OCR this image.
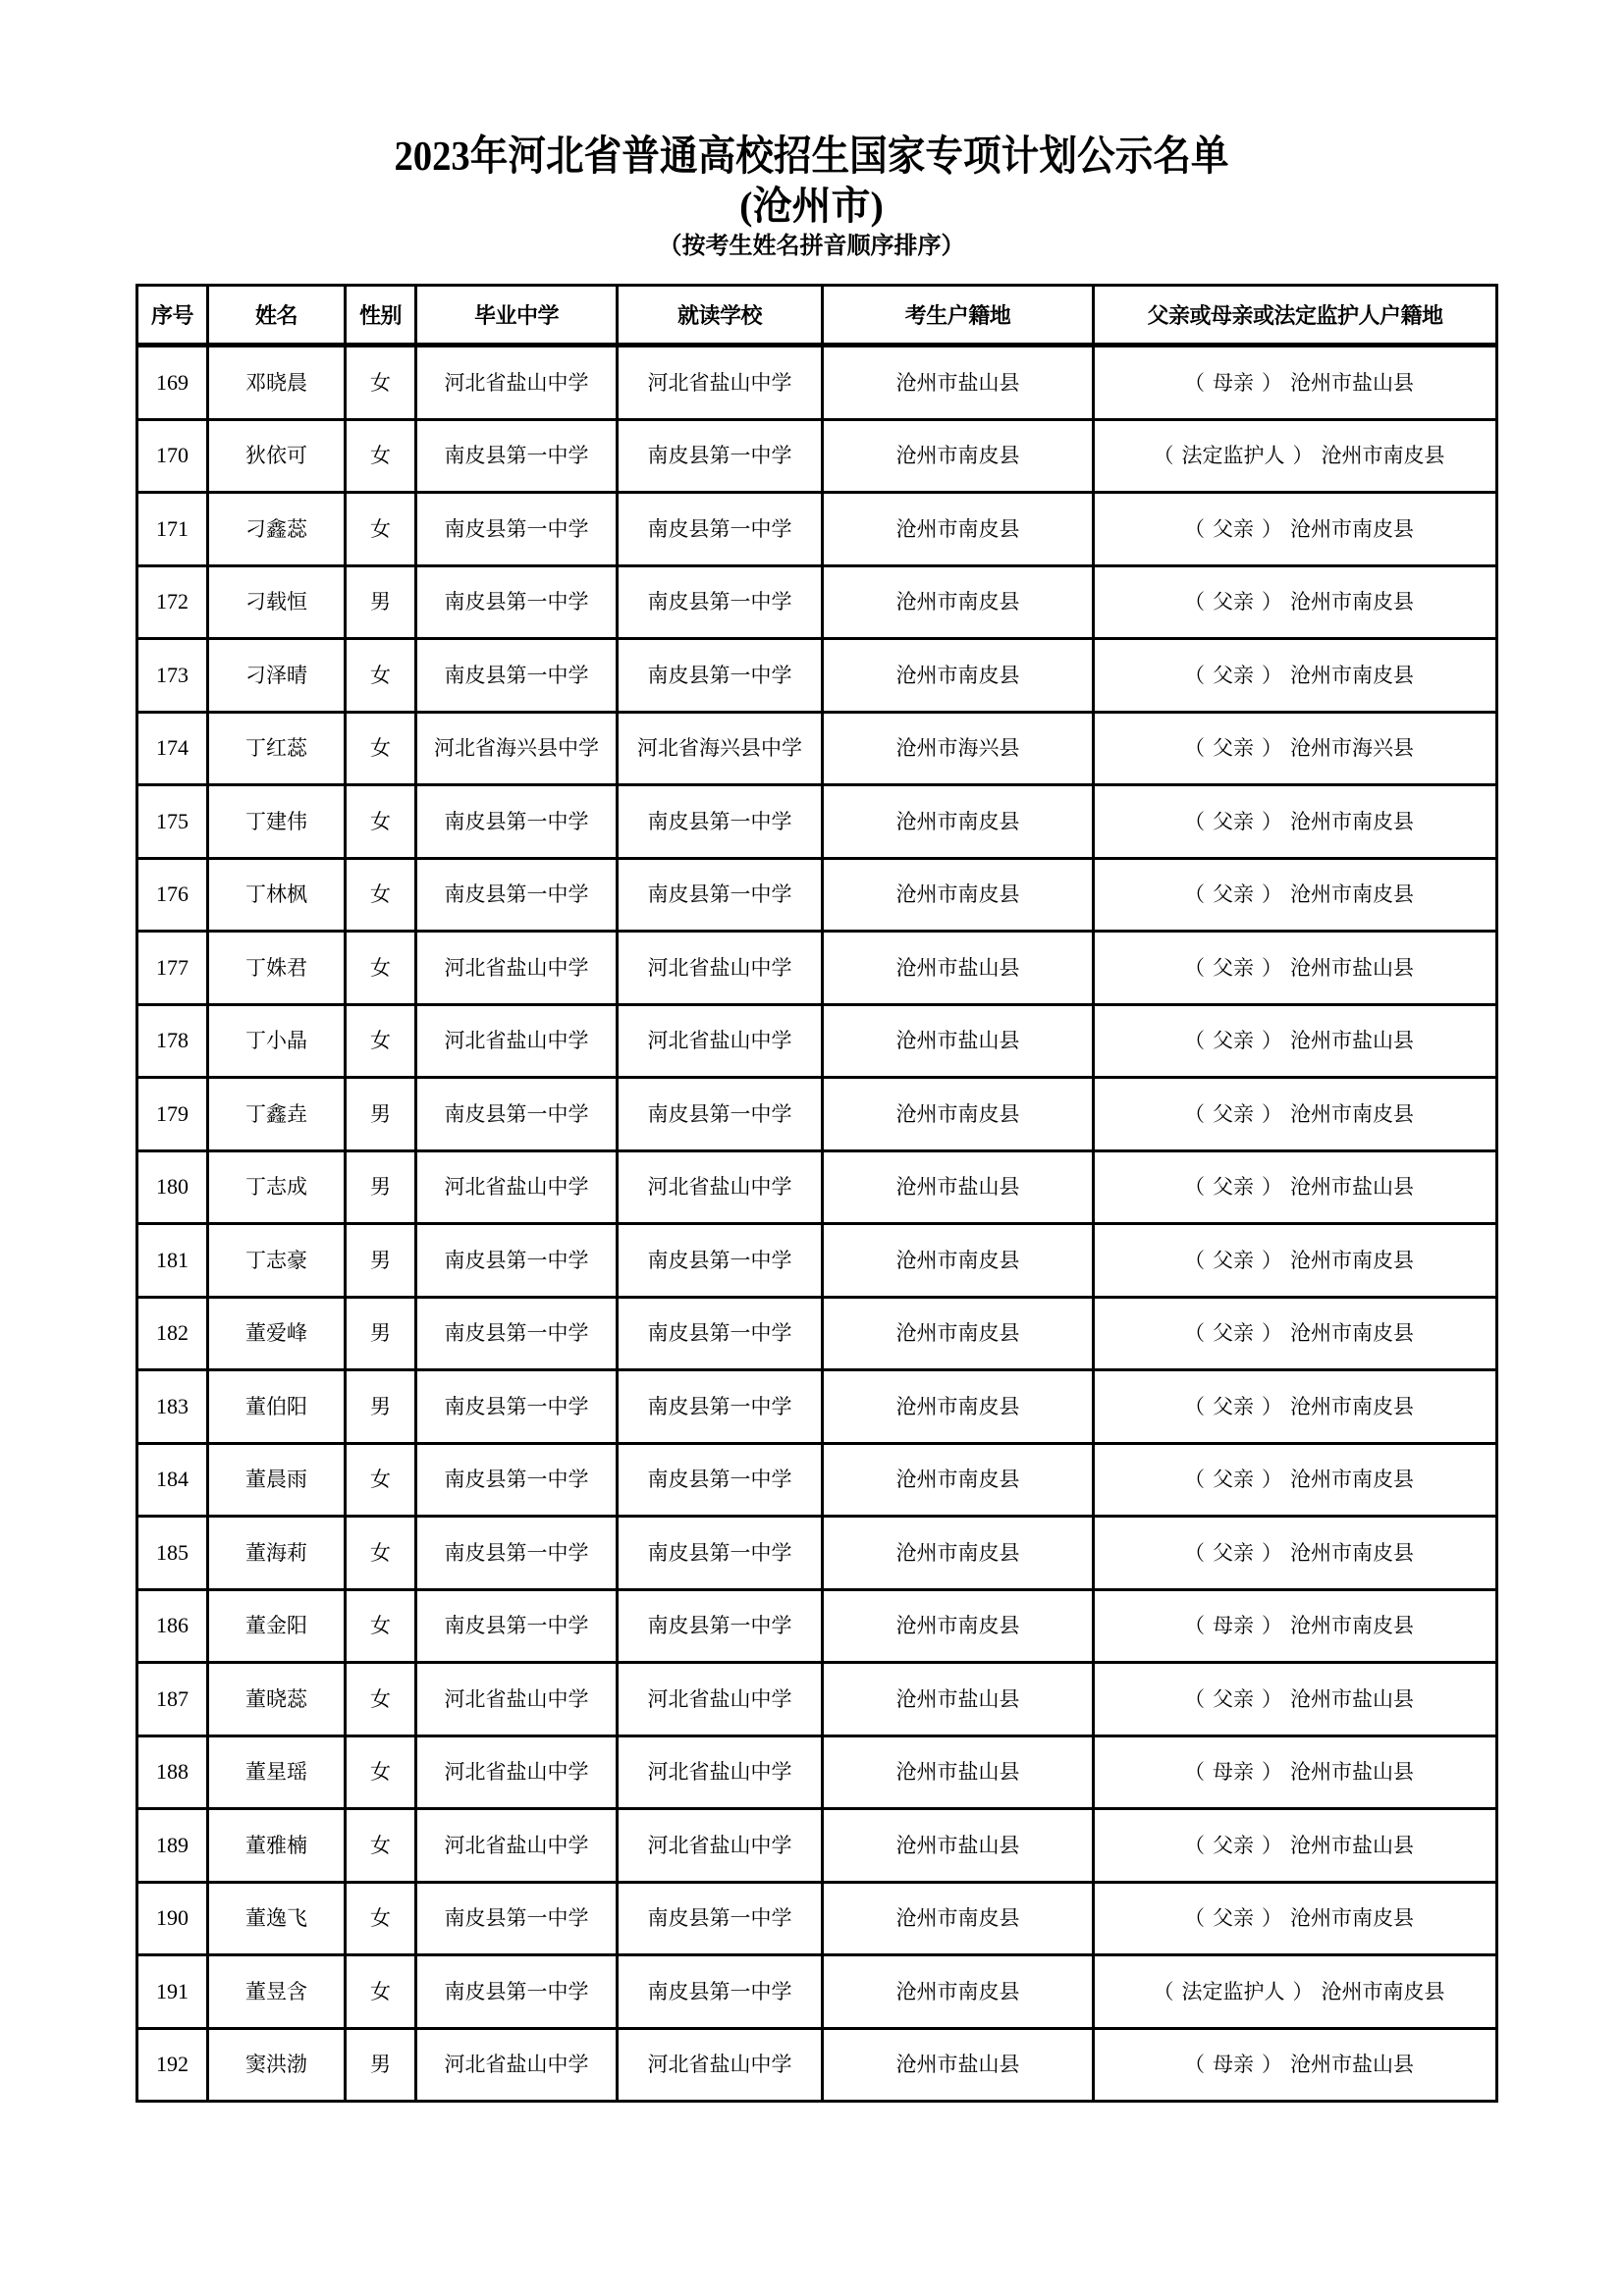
2023年河北省普通高校招生国家专项计划公示名单
(沧州市)
（按考生姓名拼音顺序排序）
序号	姓名	性别	毕业中学	就读学校	考生户籍地	父亲或母亲或法定监护人户籍地
169	邓晓晨	女	河北省盐山中学	河北省盐山中学	沧州市盐山县	（ 母亲 ） 沧州市盐山县
170	狄依可	女	南皮县第一中学	南皮县第一中学	沧州市南皮县	（ 法定监护人 ） 沧州市南皮县
171	刁鑫蕊	女	南皮县第一中学	南皮县第一中学	沧州市南皮县	（ 父亲 ） 沧州市南皮县
172	刁载恒	男	南皮县第一中学	南皮县第一中学	沧州市南皮县	（ 父亲 ） 沧州市南皮县
173	刁泽晴	女	南皮县第一中学	南皮县第一中学	沧州市南皮县	（ 父亲 ） 沧州市南皮县
174	丁红蕊	女	河北省海兴县中学	河北省海兴县中学	沧州市海兴县	（ 父亲 ） 沧州市海兴县
175	丁建伟	女	南皮县第一中学	南皮县第一中学	沧州市南皮县	（ 父亲 ） 沧州市南皮县
176	丁林枫	女	南皮县第一中学	南皮县第一中学	沧州市南皮县	（ 父亲 ） 沧州市南皮县
177	丁姝君	女	河北省盐山中学	河北省盐山中学	沧州市盐山县	（ 父亲 ） 沧州市盐山县
178	丁小晶	女	河北省盐山中学	河北省盐山中学	沧州市盐山县	（ 父亲 ） 沧州市盐山县
179	丁鑫垚	男	南皮县第一中学	南皮县第一中学	沧州市南皮县	（ 父亲 ） 沧州市南皮县
180	丁志成	男	河北省盐山中学	河北省盐山中学	沧州市盐山县	（ 父亲 ） 沧州市盐山县
181	丁志豪	男	南皮县第一中学	南皮县第一中学	沧州市南皮县	（ 父亲 ） 沧州市南皮县
182	董爱峰	男	南皮县第一中学	南皮县第一中学	沧州市南皮县	（ 父亲 ） 沧州市南皮县
183	董伯阳	男	南皮县第一中学	南皮县第一中学	沧州市南皮县	（ 父亲 ） 沧州市南皮县
184	董晨雨	女	南皮县第一中学	南皮县第一中学	沧州市南皮县	（ 父亲 ） 沧州市南皮县
185	董海莉	女	南皮县第一中学	南皮县第一中学	沧州市南皮县	（ 父亲 ） 沧州市南皮县
186	董金阳	女	南皮县第一中学	南皮县第一中学	沧州市南皮县	（ 母亲 ） 沧州市南皮县
187	董晓蕊	女	河北省盐山中学	河北省盐山中学	沧州市盐山县	（ 父亲 ） 沧州市盐山县
188	董星瑶	女	河北省盐山中学	河北省盐山中学	沧州市盐山县	（ 母亲 ） 沧州市盐山县
189	董雅楠	女	河北省盐山中学	河北省盐山中学	沧州市盐山县	（ 父亲 ） 沧州市盐山县
190	董逸飞	女	南皮县第一中学	南皮县第一中学	沧州市南皮县	（ 父亲 ） 沧州市南皮县
191	董昱含	女	南皮县第一中学	南皮县第一中学	沧州市南皮县	（ 法定监护人 ） 沧州市南皮县
192	窦洪渤	男	河北省盐山中学	河北省盐山中学	沧州市盐山县	（ 母亲 ） 沧州市盐山县
